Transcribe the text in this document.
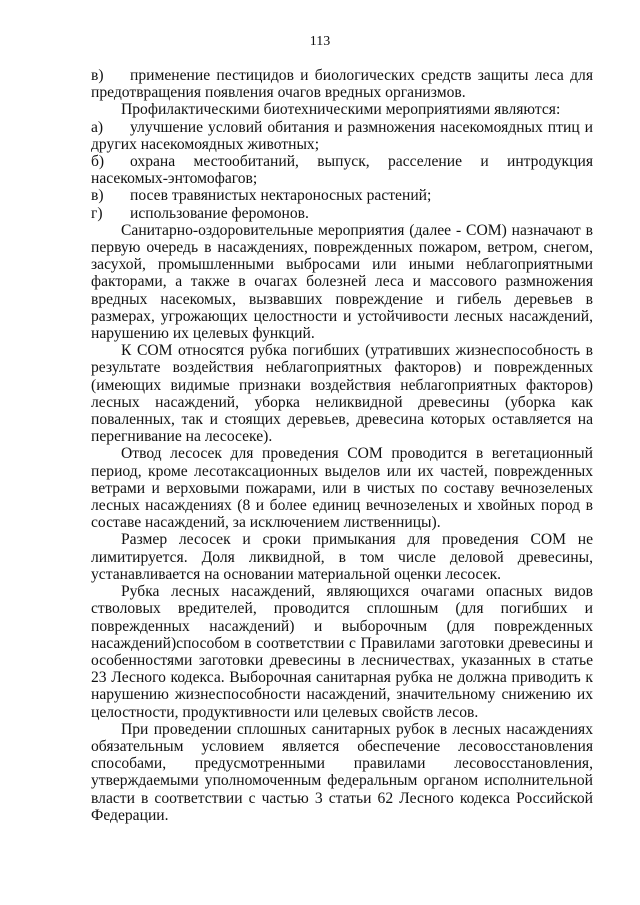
113

в) применение пестицидов и биологических средств защиты леса для предотвращения появления очагов вредных организмов.

Профилактическими биотехническими мероприятиями являются:

а) улучшение условий обитания и размножения насекомоядных птиц и других насекомоядных животных;

б) охрана местообитаний, выпуск, расселение и интродукция насекомых-энтомофагов;

в) посев травянистых нектароносных растений;

г) использование феромонов.

Санитарно-оздоровительные мероприятия (далее - СОМ) назначают в первую очередь в насаждениях, поврежденных пожаром, ветром, снегом, засухой, промышленными выбросами или иными неблагоприятными факторами, а также в очагах болезней леса и массового размножения вредных насекомых, вызвавших повреждение и гибель деревьев в размерах, угрожающих целостности и устойчивости лесных насаждений, нарушению их целевых функций.

К СОМ относятся рубка погибших (утративших жизнеспособность в результате воздействия неблагоприятных факторов) и поврежденных (имеющих видимые признаки воздействия неблагоприятных факторов) лесных насаждений, уборка неликвидной древесины (уборка как поваленных, так и стоящих деревьев, древесина которых оставляется на перегнивание на лесосеке).

Отвод лесосек для проведения СОМ проводится в вегетационный период, кроме лесотаксационных выделов или их частей, поврежденных ветрами и верховыми пожарами, или в чистых по составу вечнозеленых лесных насаждениях (8 и более единиц вечнозеленых и хвойных пород в составе насаждений, за исключением лиственницы).

Размер лесосек и сроки примыкания для проведения СОМ не лимитируется. Доля ликвидной, в том числе деловой древесины, устанавливается на основании материальной оценки лесосек.

Рубка лесных насаждений, являющихся очагами опасных видов стволовых вредителей, проводится сплошным (для погибших и поврежденных насаждений) и выборочным (для поврежденных насаждений)способом в соответствии с Правилами заготовки древесины и особенностями заготовки древесины в лесничествах, указанных в статье 23 Лесного кодекса. Выборочная санитарная рубка не должна приводить к нарушению жизнеспособности насаждений, значительному снижению их целостности, продуктивности или целевых свойств лесов.

При проведении сплошных санитарных рубок в лесных насаждениях обязательным условием является обеспечение лесовосстановления способами, предусмотренными правилами лесовосстановления, утверждаемыми уполномоченным федеральным органом исполнительной власти в соответствии с частью 3 статьи 62 Лесного кодекса Российской Федерации.
